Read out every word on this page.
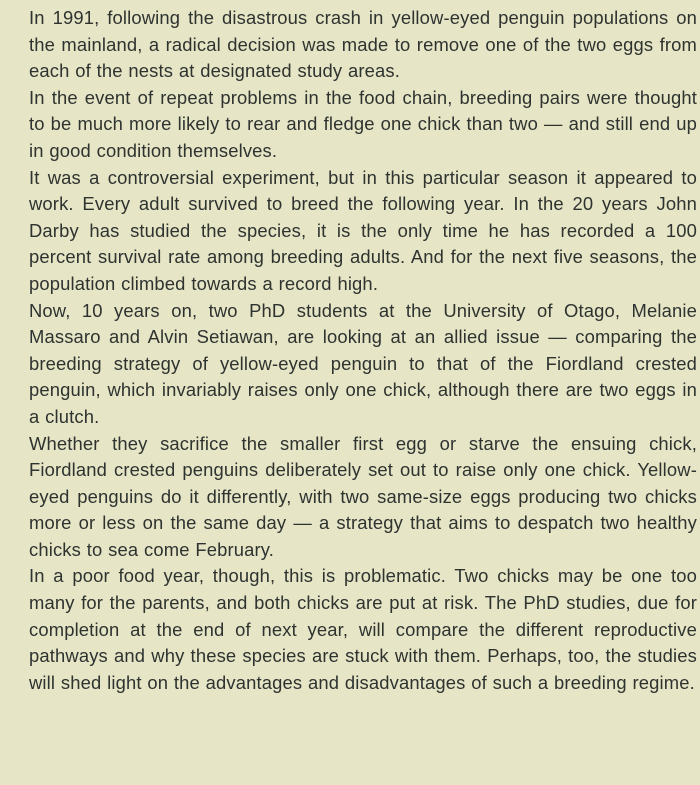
In 1991, following the disastrous crash in yellow-eyed penguin populations on the mainland, a radical decision was made to remove one of the two eggs from each of the nests at designated study areas.

In the event of repeat problems in the food chain, breeding pairs were thought to be much more likely to rear and fledge one chick than two — and still end up in good condition themselves.

It was a controversial experiment, but in this particular season it appeared to work. Every adult survived to breed the following year. In the 20 years John Darby has studied the species, it is the only time he has recorded a 100 percent survival rate among breeding adults. And for the next five seasons, the population climbed towards a record high.

Now, 10 years on, two PhD students at the University of Otago, Melanie Massaro and Alvin Setiawan, are looking at an allied issue — comparing the breeding strategy of yellow-eyed penguin to that of the Fiordland crested penguin, which invariably raises only one chick, although there are two eggs in a clutch.

Whether they sacrifice the smaller first egg or starve the ensuing chick, Fiordland crested penguins deliberately set out to raise only one chick. Yellow-eyed penguins do it differently, with two same-size eggs producing two chicks more or less on the same day — a strategy that aims to despatch two healthy chicks to sea come February.

In a poor food year, though, this is problematic. Two chicks may be one too many for the parents, and both chicks are put at risk. The PhD studies, due for completion at the end of next year, will compare the different reproductive pathways and why these species are stuck with them. Perhaps, too, the studies will shed light on the advantages and disadvantages of such a breeding regime.
